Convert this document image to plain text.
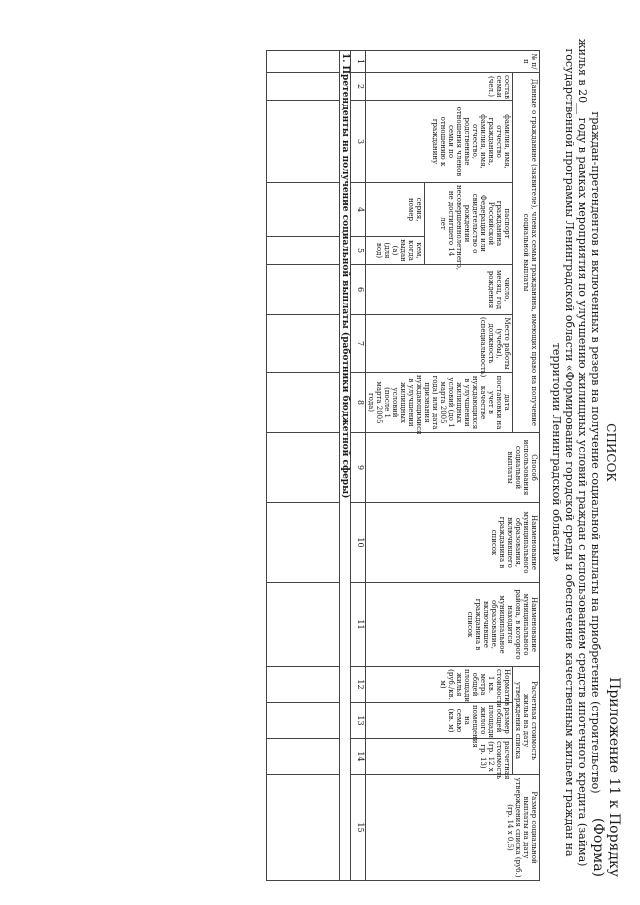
Приложение 11 к Порядку
(Форма)
СПИСОК
граждан-претендентов и включенных в резерв на получение социальной выплаты на приобретение (строительство)
жилья в 20__ году в рамках мероприятия по улучшению жилищных условий граждан с использованием средств ипотечного кредита (займа)
государственной программы Ленинградской области «Формирование городской среды и обеспечение качественным жильем граждан на
территории Ленинградской области»
№ п/п	Данные о гражданине (заявителе), членах семьи гражданина, имеющих право на получение социальной выплаты							Способ использования социальной выплаты	Наименование муниципального образования, включившего гражданина в список	Наименование муниципального района, в которого находится муниципальное образование, включившее гражданина в список	Расчетная стоимость жилья на дату утверждения списка			Размер социальной выплаты на дату утверждения списка (руб.) (гр. 14 х 0,5)
	состав семьи (чел.)	фамилия, имя, отчество гражданина, фамилия, имя, отчество, родственные отношения членов семьи по отношению к гражданину	паспорт гражданина Российской Федерации или свидетельство о рождении несовершеннолетнего, не достигшего 14 лет		число, месяц, год рождения	Место работы (учебы), должность (специальность)	дата постановки на учет в качестве нуждающихся в улучшении жилищных условий (до 1 марта 2005 года) или дата признания нуждающимися в улучшении жилищных условий (после 1 марта 2005 года)				Норматив стоимости 1 кв. метра общей площади жилья (руб./кв. м)	размер общей площади жилого помещения на семью (кв. м)	расчетная стоимость (гр. 12 х гр. 13)	
			серия, номер	кем, когда выдан (а) (для вод)										
1	2	3	4	5	6	7	8	9	10	11	12	13	14	15
1. Претенденты на получение социальной выплаты (работники бюджетной сферы)														
